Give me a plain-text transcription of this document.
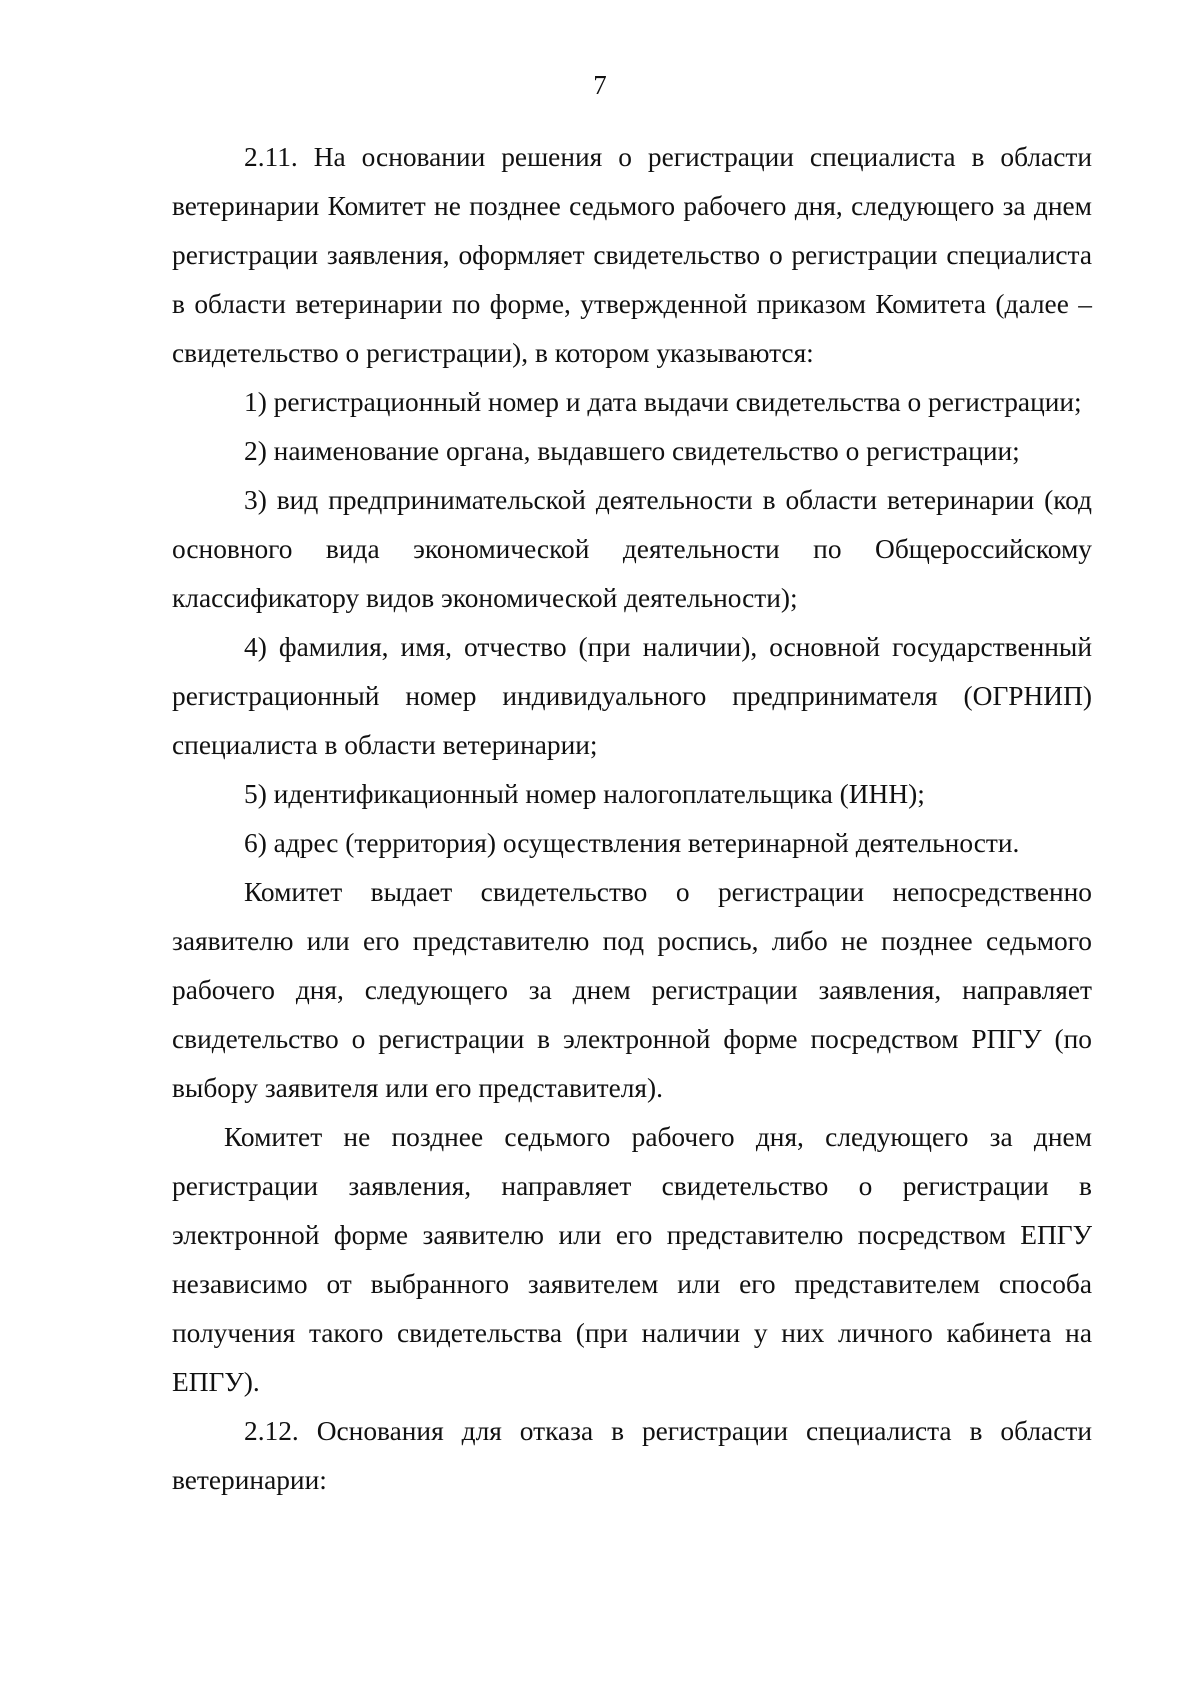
7

2.11. На основании решения о регистрации специалиста в области ветеринарии Комитет не позднее седьмого рабочего дня, следующего за днем регистрации заявления, оформляет свидетельство о регистрации специалиста в области ветеринарии по форме, утвержденной приказом Комитета (далее – свидетельство о регистрации), в котором указываются:

1) регистрационный номер и дата выдачи свидетельства о регистрации;

2) наименование органа, выдавшего свидетельство о регистрации;

3) вид предпринимательской деятельности в области ветеринарии (код основного вида экономической деятельности по Общероссийскому классификатору видов экономической деятельности);

4) фамилия, имя, отчество (при наличии), основной государственный регистрационный номер индивидуального предпринимателя (ОГРНИП) специалиста в области ветеринарии;

5) идентификационный номер налогоплательщика (ИНН);

6) адрес (территория) осуществления ветеринарной деятельности.

Комитет выдает свидетельство о регистрации непосредственно заявителю или его представителю под роспись, либо не позднее седьмого рабочего дня, следующего за днем регистрации заявления, направляет свидетельство о регистрации в электронной форме посредством РПГУ (по выбору заявителя или его представителя).

Комитет не позднее седьмого рабочего дня, следующего за днем регистрации заявления, направляет свидетельство о регистрации в электронной форме заявителю или его представителю посредством ЕПГУ независимо от выбранного заявителем или его представителем способа получения такого свидетельства (при наличии у них личного кабинета на ЕПГУ).

2.12. Основания для отказа в регистрации специалиста в области ветеринарии:
